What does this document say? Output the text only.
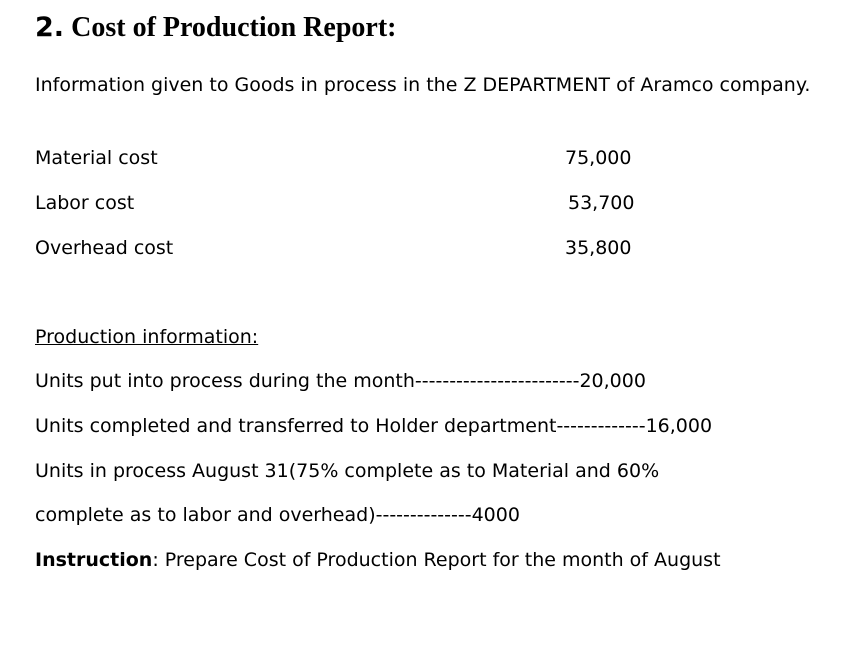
2. Cost of Production Report:

Information given to Goods in process in the Z DEPARTMENT of Aramco company.

Material cost	75,000
Labor cost	53,700
Overhead cost	35,800
Production information:
Units put into process during the month------------------------20,000
Units completed and transferred to Holder department-------------16,000
Units in process August 31(75% complete as to Material and 60%
complete as to labor and overhead)--------------4000
Instruction: Prepare Cost of Production Report for the month of August
